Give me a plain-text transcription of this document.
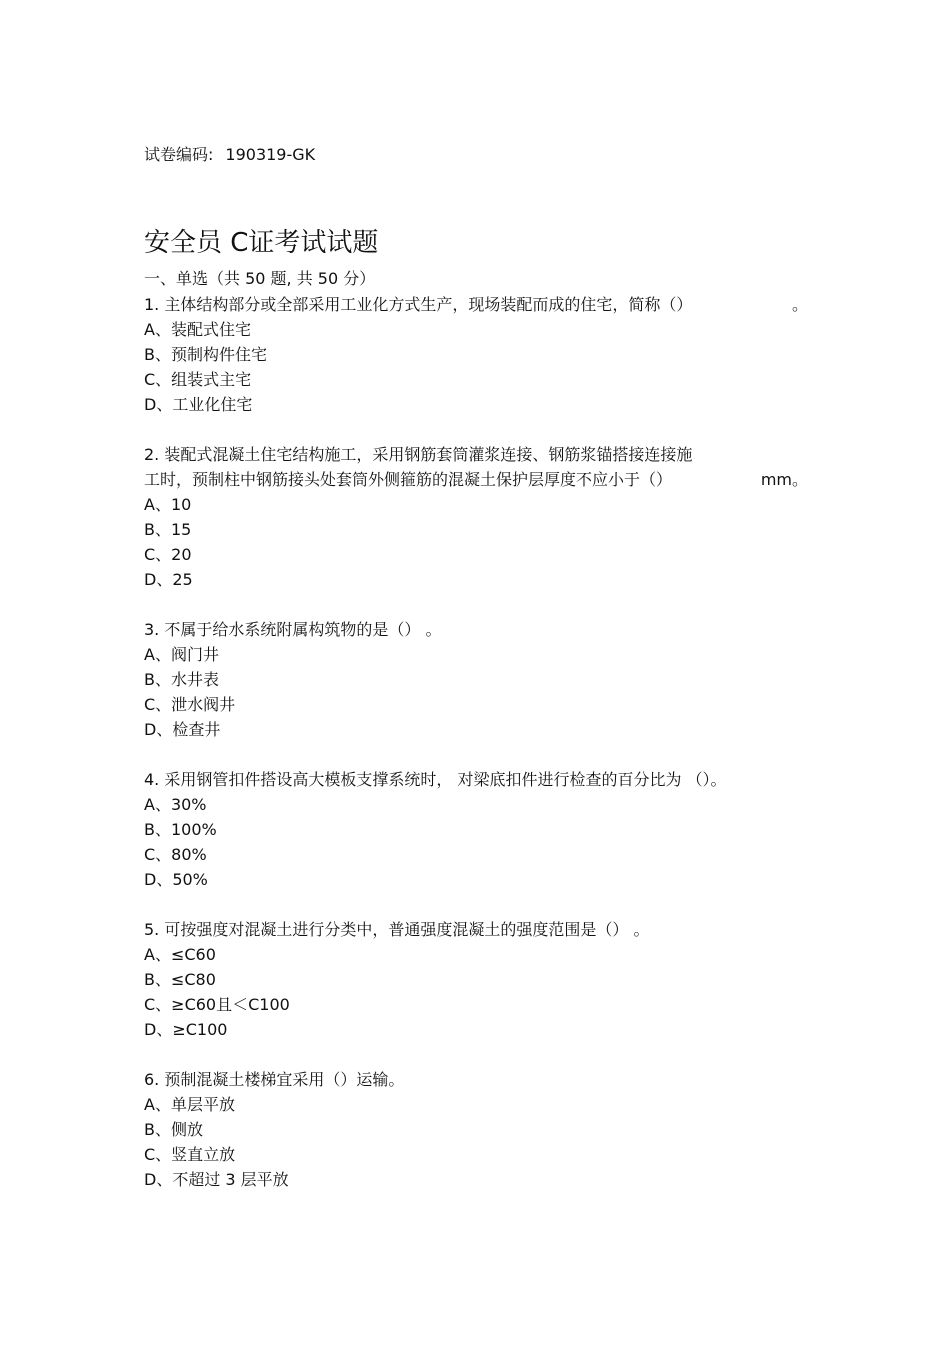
试卷编码: 190319-GK
安全员 C证考试试题
一、单选（共 50 题, 共 50 分）
1. 主体结构部分或全部采用工业化方式生产，现场装配而成的住宅，简称（）	。
A、装配式住宅
B、预制构件住宅
C、组装式主宅
D、工业化住宅
2. 装配式混凝土住宅结构施工，采用钢筋套筒灌浆连接、钢筋浆锚搭接连接施
工时，预制柱中钢筋接头处套筒外侧箍筋的混凝土保护层厚度不应小于（）	mm。
A、10
B、15
C、20
D、25
3. 不属于给水系统附属构筑物的是（） 。
A、阀门井
B、水井表
C、泄水阀井
D、检查井
4. 采用钢管扣件搭设高大模板支撑系统时， 对梁底扣件进行检查的百分比为 （）。
A、30%
B、100%
C、80%
D、50%
5. 可按强度对混凝土进行分类中，普通强度混凝土的强度范围是（） 。
A、≤C60
B、≤C80
C、≥C60且＜C100
D、≥C100
6. 预制混凝土楼梯宜采用（）运输。
A、单层平放
B、侧放
C、竖直立放
D、不超过 3 层平放
